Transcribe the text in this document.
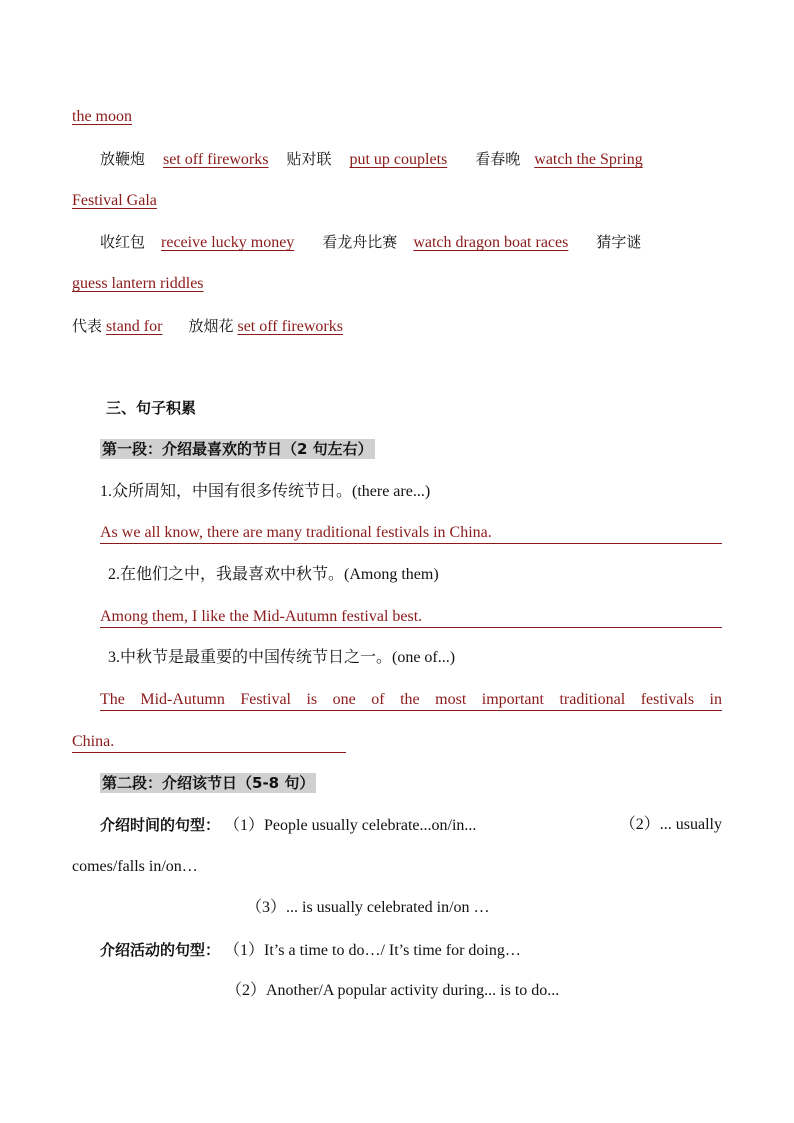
the moon
放鞭炮 set off fireworks 贴对联 put up couplets 看春晚 watch the Spring
Festival Gala
收红包 receive lucky money 看龙舟比赛 watch dragon boat races 猜字谜
guess lantern riddles
代表 stand for 放烟花 set off fireworks
三、句子积累
第一段：介绍最喜欢的节日（2 句左右）
1.众所周知，中国有很多传统节日。(there are...)
As we all know, there are many traditional festivals in China.
2.在他们之中，我最喜欢中秋节。(Among them)
Among them, I like the Mid-Autumn festival best.
3.中秋节是最重要的中国传统节日之一。(one of...)
The Mid-Autumn Festival is one of the most important traditional festivals in
China.
第二段：介绍该节日（5-8 句）
介绍时间的句型： （1）People usually celebrate...on/in...	（2）... usually
comes/falls in/on…
（3）... is usually celebrated in/on …
介绍活动的句型： （1）It’s a time to do…/ It’s time for doing…
（2）Another/A popular activity during... is to do...
